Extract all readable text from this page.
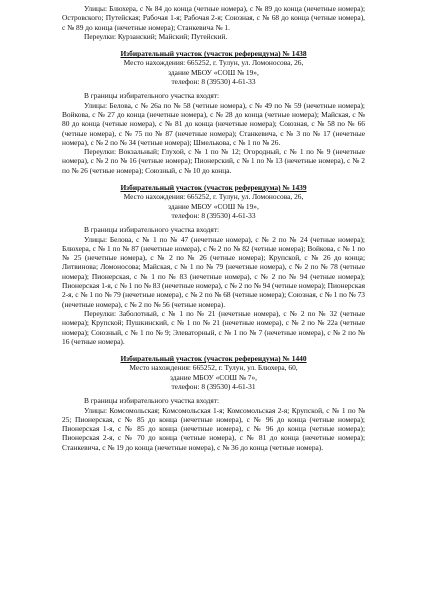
Улицы: Блюхера, с № 84 до конца (четные номера), с № 89 до конца (нечетные номера); Островского; Путейская; Рабочая 1-я; Рабочая 2-я; Союзная, с № 68 до конца (четные номера), с № 89 до конца (нечетные номера); Станкевича № 1.

Переулки: Курзанский; Майский; Путейский.

Избирательный участок (участок референдума) № 1438

Место нахождения: 665252, г. Тулун, ул. Ломоносова, 26,

здание МБОУ «СОШ № 19»,

телефон: 8 (39530) 4-61-33

В границы избирательного участка входят:

Улицы: Белова, с № 26а по № 58 (четные номера), с № 49 по № 59 (нечетные номера); Войкова, с № 27 до конца (нечетные номера), с № 28 до конца (четные номера); Майская, с № 80 до конца (четные номера), с № 81 до конца (нечетные номера); Союзная, с № 58 по № 66 (четные номера), с № 75 по № 87 (нечетные номера); Станкевича, с № 3 по № 17 (нечетные номера), с № 2 по № 34 (четные номера); Шмелькова, с № 1 по № 26.

Переулки: Вокзальный; Глухой, с № 1 по № 12; Огородный, с № 1 по № 9 (нечетные номера), с № 2 по № 16 (четные номера); Пионерский, с № 1 по № 13 (нечетные номера), с № 2 по № 26 (четные номера); Союзный, с № 10 до конца.

Избирательный участок (участок референдума) № 1439

Место нахождения: 665252, г. Тулун, ул. Ломоносова, 26,

здание МБОУ «СОШ № 19»,

телефон: 8 (39530) 4-61-33

В границы избирательного участка входят:

Улицы: Белова, с № 1 по № 47 (нечетные номера), с № 2 по № 24 (четные номера); Блюхера, с № 1 по № 87 (нечетные номера), с № 2 по № 82 (четные номера); Войкова, с № 1 по № 25 (нечетные номера), с № 2 по № 26 (четные номера); Крупской, с № 26 до конца; Литвинова; Ломоносова; Майская, с № 1 по № 79 (нечетные номера), с № 2 по № 78 (четные номера); Пионерская, с № 1 по № 83 (нечетные номера), с № 2 по № 94 (четные номера); Пионерская 1-я, с № 1 по № 83 (нечетные номера), с № 2 по № 94 (четные номера); Пионерская 2-я, с № 1 по № 79 (нечетные номера), с № 2 по № 68 (четные номера); Союзная, с № 1 по № 73 (нечетные номера), с № 2 по № 56 (четные номера).

Переулки: Заболотный, с № 1 по № 21 (нечетные номера), с № 2 по № 32 (четные номера); Крупской; Пушкинский, с № 1 по № 21 (нечетные номера), с № 2 по № 22а (четные номера); Союзный, с № 1 по № 9; Элеваторный, с № 1 по № 7 (нечетные номера), с № 2 по № 16 (четные номера).

Избирательный участок (участок референдума) № 1440

Место нахождения: 665252, г. Тулун, ул. Блюхера, 60,

здание МБОУ «СОШ № 7»,

телефон: 8 (39530) 4-61-31

В границы избирательного участка входят:

Улицы: Комсомольская; Комсомольская 1-я; Комсомольская 2-я; Крупской, с № 1 по № 25; Пионерская, с № 85 до конца (нечетные номера), с № 96 до конца (четные номера); Пионерская 1-я, с № 85 до конца (нечетные номера), с № 96 до конца (четные номера); Пионерская 2-я, с № 70 до конца (четные номера), с № 81 до конца (нечетные номера); Станкевича, с № 19 до конца (нечетные номера), с № 36 до конца (четные номера).
